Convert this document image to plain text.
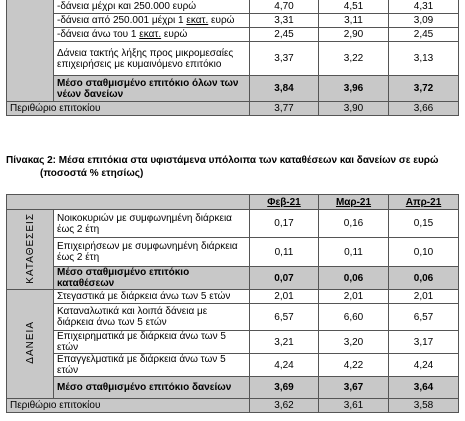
	-δάνεια μέχρι και 250.000 ευρώ	4,70	4,51	4,31
	-δάνεια από 250.001 μέχρι 1 εκατ. ευρώ	3,31	3,11	3,09
	-δάνεια άνω του 1 εκατ. ευρώ	2,45	2,90	2,45
	Δάνεια τακτής λήξης προς μικρομεσαίες επιχειρήσεις με κυμαινόμενο επιτόκιο	3,37	3,22	3,13
	Μέσο σταθμισμένο επιτόκιο όλων των νέων δανείων	3,84	3,96	3,72
Περιθώριο επιτοκίου		3,77	3,90	3,66
Πίνακας 2: Μέσα επιτόκια στα υφιστάμενα υπόλοιπα των καταθέσεων και δανείων σε ευρώ
(ποσοστά % ετησίως)
		Φεβ-21	Μαρ-21	Απρ-21
ΚΑΤΑΘΕΣΕΙΣ	Νοικοκυριών με συμφωνημένη διάρκεια έως 2 έτη	0,17	0,16	0,15
	Επιχειρήσεων με συμφωνημένη διάρκεια έως 2 έτη	0,11	0,11	0,10
	Μέσο σταθμισμένο επιτόκιο καταθέσεων	0,07	0,06	0,06
ΔΑΝΕΙΑ	Στεγαστικά με διάρκεια άνω των 5 ετών	2,01	2,01	2,01
	Καταναλωτικά και λοιπά δάνεια με διάρκεια άνω των 5 ετών	6,57	6,60	6,57
	Επιχειρηματικά με διάρκεια άνω των 5 ετών	3,21	3,20	3,17
	Επαγγελματικά με διάρκεια άνω των 5 ετών	4,24	4,22	4,24
	Μέσο σταθμισμένο επιτόκιο δανείων	3,69	3,67	3,64
Περιθώριο επιτοκίου		3,62	3,61	3,58
